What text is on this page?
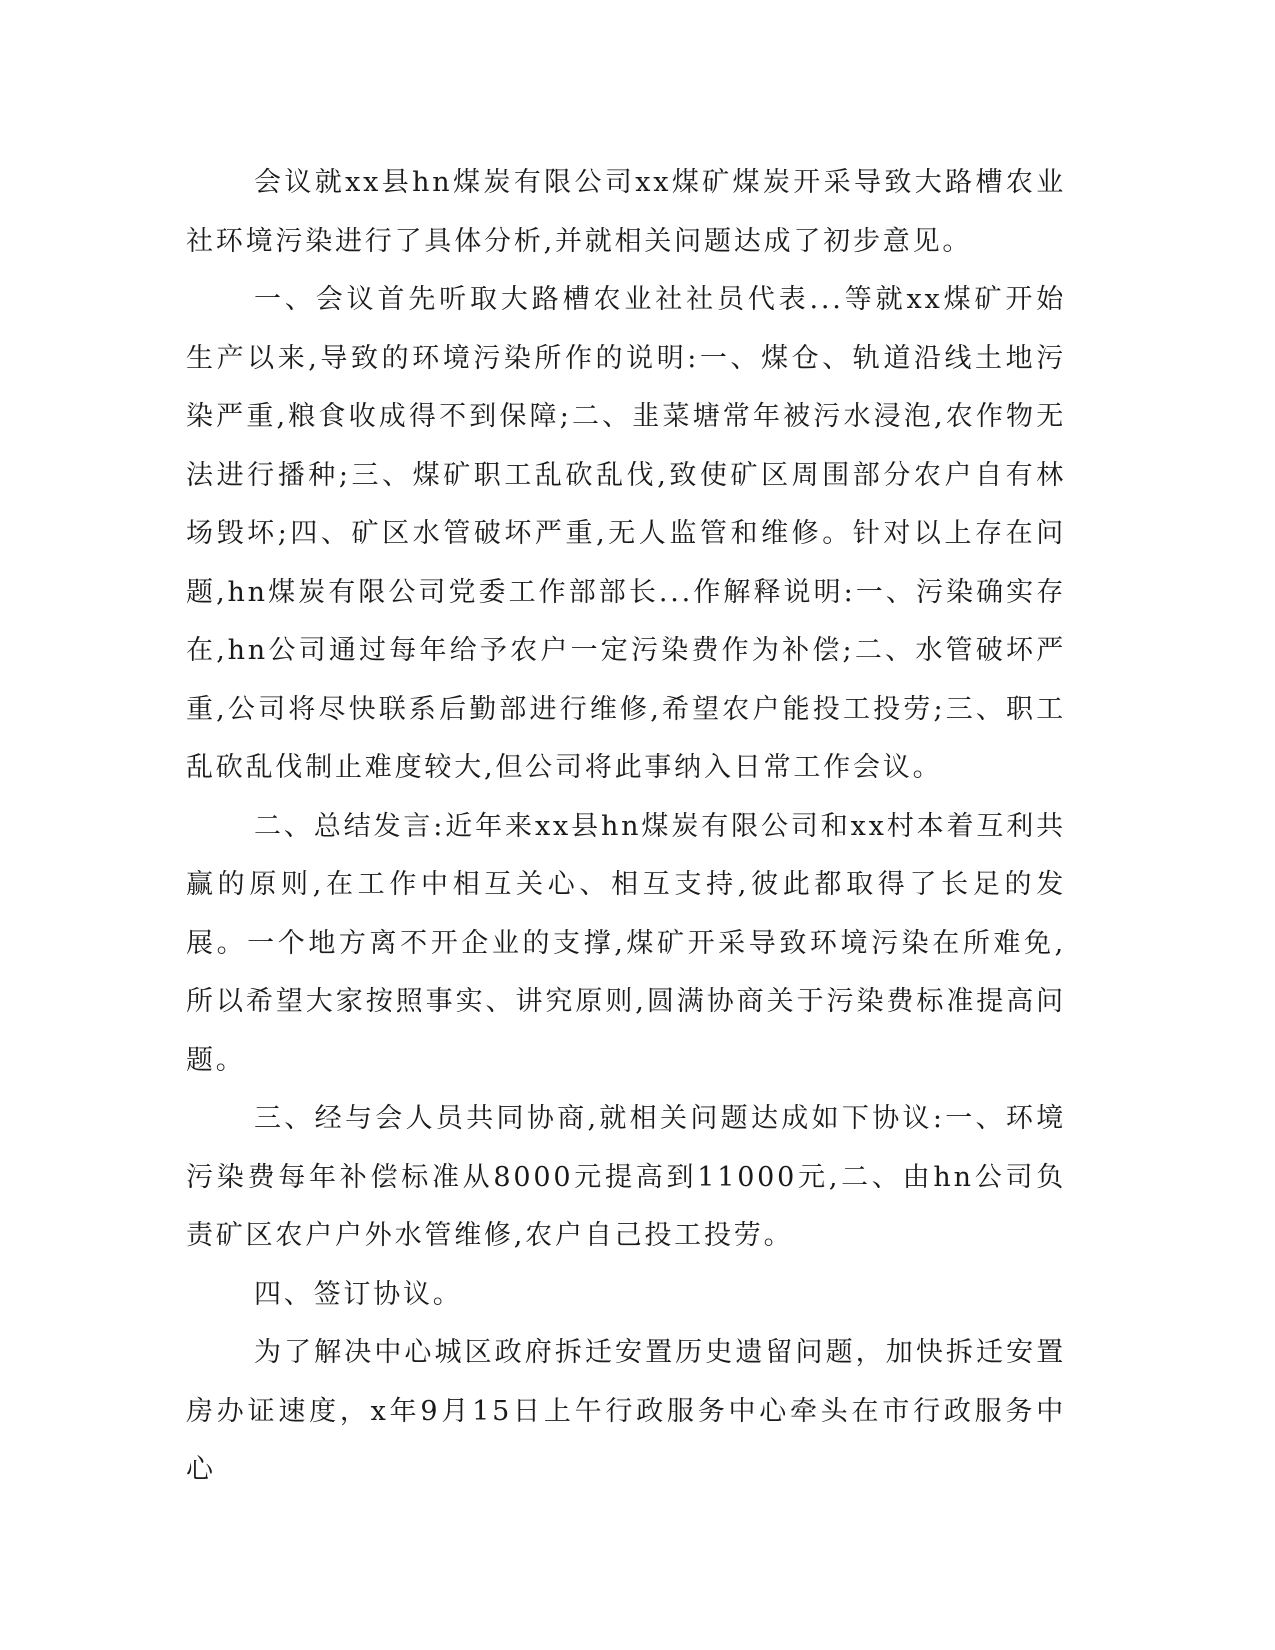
会议就xx县hn煤炭有限公司xx煤矿煤炭开采导致大路槽农业社环境污染进行了具体分析,并就相关问题达成了初步意见。

一、会议首先听取大路槽农业社社员代表...等就xx煤矿开始生产以来,导致的环境污染所作的说明:一、煤仓、轨道沿线土地污染严重,粮食收成得不到保障;二、韭菜塘常年被污水浸泡,农作物无法进行播种;三、煤矿职工乱砍乱伐,致使矿区周围部分农户自有林场毁坏;四、矿区水管破坏严重,无人监管和维修。针对以上存在问题,hn煤炭有限公司党委工作部部长...作解释说明:一、污染确实存在,hn公司通过每年给予农户一定污染费作为补偿;二、水管破坏严重,公司将尽快联系后勤部进行维修,希望农户能投工投劳;三、职工乱砍乱伐制止难度较大,但公司将此事纳入日常工作会议。

二、总结发言:近年来xx县hn煤炭有限公司和xx村本着互利共赢的原则,在工作中相互关心、相互支持,彼此都取得了长足的发展。一个地方离不开企业的支撑,煤矿开采导致环境污染在所难免,所以希望大家按照事实、讲究原则,圆满协商关于污染费标准提高问题。

三、经与会人员共同协商,就相关问题达成如下协议:一、环境污染费每年补偿标准从8000元提高到11000元,二、由hn公司负责矿区农户户外水管维修,农户自己投工投劳。

四、签订协议。

为了解决中心城区政府拆迁安置历史遗留问题，加快拆迁安置房办证速度，x年9月15日上午行政服务中心牵头在市行政服务中心
